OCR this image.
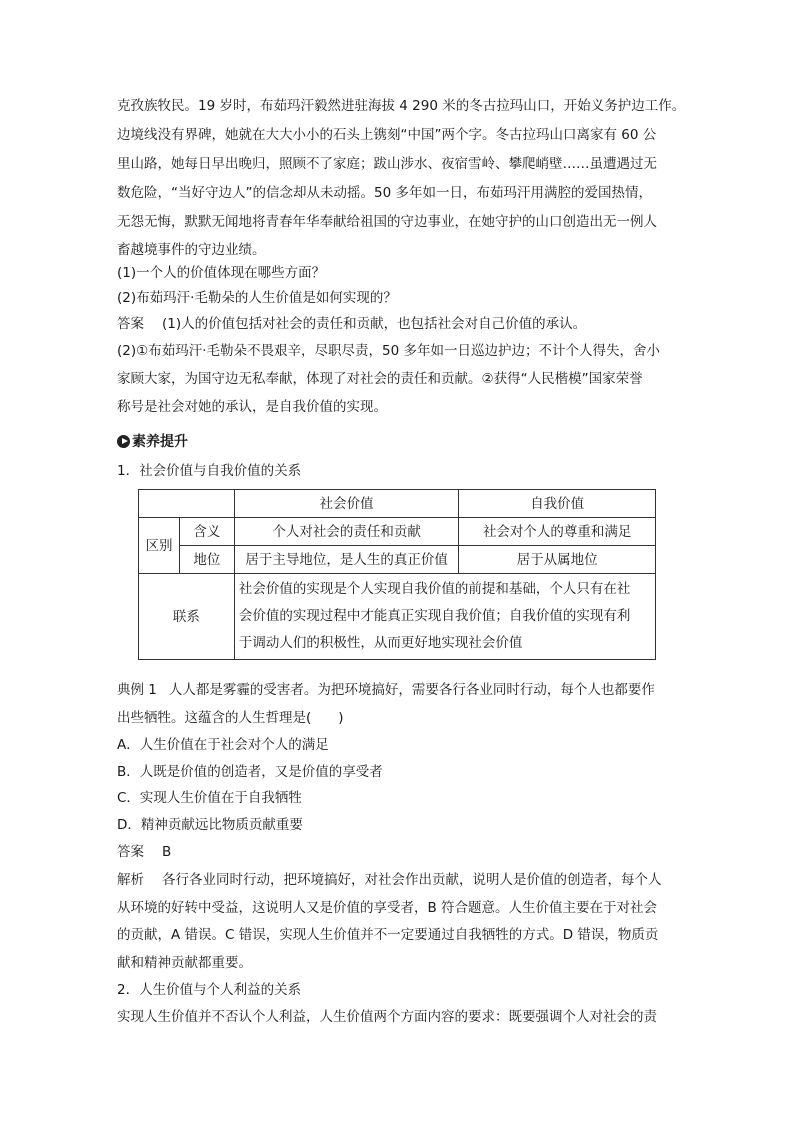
克孜族牧民。19 岁时，布茹玛汗毅然进驻海拔 4 290 米的冬古拉玛山口，开始义务护边工作。
边境线没有界碑，她就在大大小小的石头上镌刻“中国”两个字。冬古拉玛山口离家有 60 公
里山路，她每日早出晚归，照顾不了家庭；跋山涉水、夜宿雪岭、攀爬峭壁……虽遭遇过无
数危险，“当好守边人”的信念却从未动摇。50 多年如一日，布茹玛汗用满腔的爱国热情，
无怨无悔，默默无闻地将青春年华奉献给祖国的守边事业，在她守护的山口创造出无一例人
畜越境事件的守边业绩。
(1)一个人的价值体现在哪些方面？
(2)布茹玛汗·毛勒朵的人生价值是如何实现的？
答案 (1)人的价值包括对社会的责任和贡献，也包括社会对自己价值的承认。
(2)①布茹玛汗·毛勒朵不畏艰辛，尽职尽责，50 多年如一日巡边护边；不计个人得失，舍小
家顾大家，为国守边无私奉献，体现了对社会的责任和贡献。②获得“人民楷模”国家荣誉
称号是社会对她的承认，是自我价值的实现。
素养提升
1．社会价值与自我价值的关系
		社会价值	自我价值
区别	含义	个人对社会的责任和贡献	社会对个人的尊重和满足
	地位	居于主导地位，是人生的真正价值	居于从属地位
联系		社会价值的实现是个人实现自我价值的前提和基础，个人只有在社
会价值的实现过程中才能真正实现自我价值；自我价值的实现有利
于调动人们的积极性，从而更好地实现社会价值	
典例 1 人人都是雾霾的受害者。为把环境搞好，需要各行各业同时行动，每个人也都要作
出些牺牲。这蕴含的人生哲理是(　　)
A．人生价值在于社会对个人的满足
B．人既是价值的创造者，又是价值的享受者
C．实现人生价值在于自我牺牲
D．精神贡献远比物质贡献重要
答案 B
解析 各行各业同时行动，把环境搞好，对社会作出贡献，说明人是价值的创造者，每个人
从环境的好转中受益，这说明人又是价值的享受者，B 符合题意。人生价值主要在于对社会
的贡献，A 错误。C 错误，实现人生价值并不一定要通过自我牺牲的方式。D 错误，物质贡
献和精神贡献都重要。
2．人生价值与个人利益的关系
实现人生价值并不否认个人利益，人生价值两个方面内容的要求：既要强调个人对社会的责
